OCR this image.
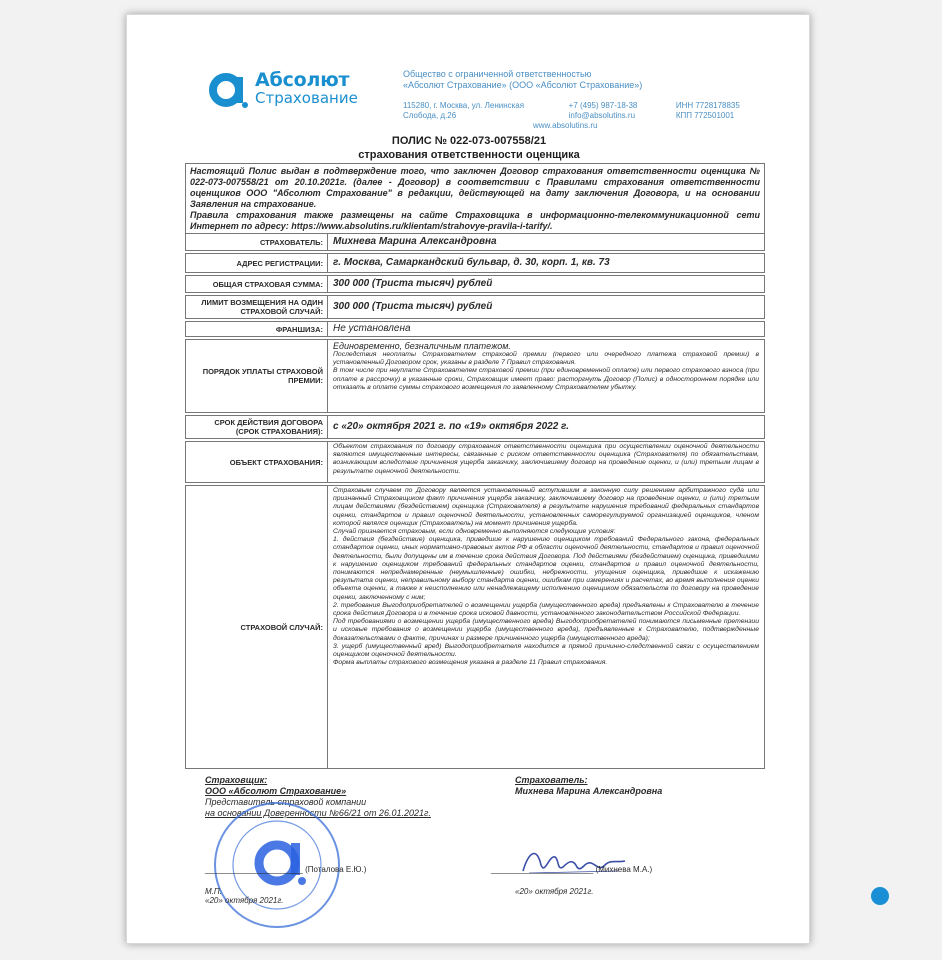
Абсолют
Страхование
Общество с ограниченной ответственностью
«Абсолют Страхование» (ООО «Абсолют Страхование»)
115280, г. Москва, ул. Ленинская	+7 (495) 987-18-38	ИНН 7728178835
Слобода, д.26	info@absolutins.ru	КПП 772501001
www.absolutins.ru
ПОЛИС № 022-073-007558/21
страхования ответственности оценщика
Настоящий Полис выдан в подтверждение того, что заключен Договор страхования ответственности оценщика № 022-073-007558/21 от 20.10.2021г. (далее - Договор) в соответствии с Правилами страхования ответственности оценщиков ООО "Абсолют Страхование" в редакции, действующей на дату заключения Договора, и на основании Заявления на страхование.
Правила страхования также размещены на сайте Страховщика в информационно-телекоммуникационной сети Интернет по адресу: https://www.absolutins.ru/klientam/strahovye-pravila-i-tarify/.
СТРАХОВАТЕЛЬ:	Михнева Марина Александровна
АДРЕС РЕГИСТРАЦИИ:	г. Москва, Самаркандский бульвар, д. 30, корп. 1, кв. 73
ОБЩАЯ СТРАХОВАЯ СУММА:	300 000 (Триста тысяч) рублей
ЛИМИТ ВОЗМЕЩЕНИЯ НА ОДИН СТРАХОВОЙ СЛУЧАЙ:	300 000 (Триста тысяч) рублей
ФРАНШИЗА:	Не установлена
ПОРЯДОК УПЛАТЫ СТРАХОВОЙ ПРЕМИИ:
Единовременно, безналичным платежом.
Последствия неоплаты Страхователем страховой премии (первого или очередного платежа страховой премии) в установленный Договором срок, указаны в разделе 7 Правил страхования.
В том числе при неуплате Страхователем страховой премии (при единовременной оплате) или первого страхового взноса (при оплате в рассрочку) в указанные сроки, Страховщик имеет право: расторгнуть Договор (Полис) в одностороннем порядке или отказать в оплате суммы страхового возмещения по заявленному Страхователем убытку.
СРОК ДЕЙСТВИЯ ДОГОВОРА (СРОК СТРАХОВАНИЯ):	с «20» октября 2021 г. по «19» октября 2022 г.
ОБЪЕКТ СТРАХОВАНИЯ:
Объектом страхования по договору страхования ответственности оценщика при осуществлении оценочной деятельности являются имущественные интересы, связанные с риском ответственности оценщика (Страхователя) по обязательствам, возникающим вследствие причинения ущерба заказчику, заключившему договор на проведение оценки, и (или) третьим лицам в результате оценочной деятельности.
СТРАХОВОЙ СЛУЧАЙ:
Страховым случаем по Договору является установленный вступившим в законную силу решением арбитражного суда или признанный Страховщиком факт причинения ущерба заказчику, заключившему договор на проведение оценки, и (или) третьим лицам действиями (бездействием) оценщика (Страхователя) в результате нарушения требований федеральных стандартов оценки, стандартов и правил оценочной деятельности, установленных саморегулируемой организацией оценщиков, членом которой являлся оценщик (Страхователь) на момент причинения ущерба.
Случай признается страховым, если одновременно выполняются следующие условия:
1. действия (бездействие) оценщика, приведшие к нарушению оценщиком требований Федерального закона, федеральных стандартов оценки, иных нормативно-правовых актов РФ в области оценочной деятельности, стандартов и правил оценочной деятельности, были допущены им в течение срока действия Договора. Под действиями (бездействием) оценщика, приведшими к нарушению оценщиком требований федеральных стандартов оценки, стандартов и правил оценочной деятельности, понимаются непреднамеренные (неумышленные) ошибки, небрежности, упущения оценщика, приведшие к искажению результата оценки, неправильному выбору стандарта оценки, ошибкам при измерениях и расчетах, во время выполнения оценки объекта оценки, а также к неисполнению или ненадлежащему исполнению оценщиком обязательств по договору на проведение оценки, заключенному с ним;
2. требования Выгодоприобретателей о возмещении ущерба (имущественного вреда) предъявлены к Страхователю в течение срока действия Договора и в течение срока исковой давности, установленного законодательством Российской Федерации.
Под требованиями о возмещении ущерба (имущественного вреда) Выгодоприобретателей понимаются письменные претензии и исковые требования о возмещении ущерба (имущественного вреда), предъявленные к Страхователю, подтвержденные доказательствами о факте, причинах и размере причиненного ущерба (имущественного вреда);
3. ущерб (имущественный вред) Выгодоприобретателя находится в прямой причинно-следственной связи с осуществлением оценщиком оценочной деятельности.
Форма выплаты страхового возмещения указана в разделе 11 Правил страхования.
Страховщик:
ООО «Абсолют Страхование»
Представитель страховой компании
на основании Доверенности №66/21 от 26.01.2021г.
Страхователь:
Михнева Марина Александровна
______________________ (Поталова Е.Ю.)
М.П.
«20» октября 2021г.
_______________________ (Михнева М.А.)
«20» октября 2021г.
